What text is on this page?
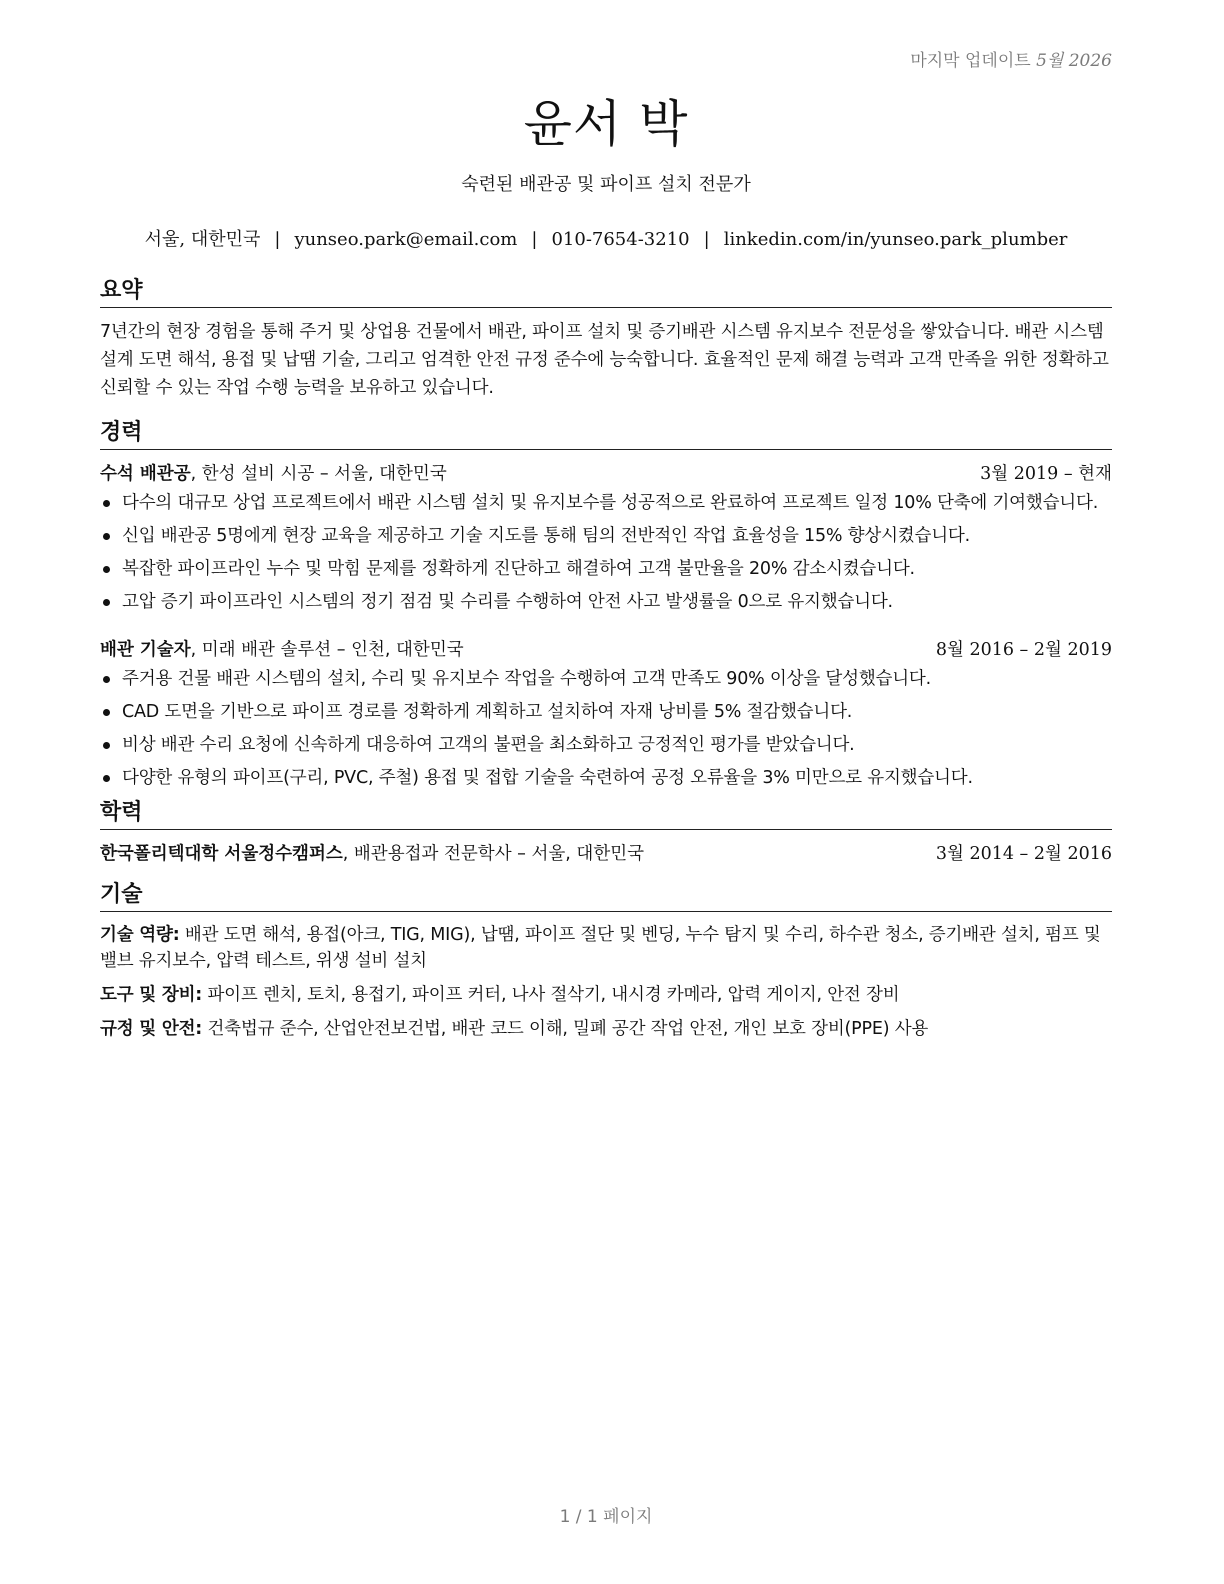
마지막 업데이트 5월 2026
윤서 박
숙련된 배관공 및 파이프 설치 전문가
서울, 대한민국 | yunseo.park@email.com | 010-7654-3210 | linkedin.com/in/yunseo.park_plumber
요약
7년간의 현장 경험을 통해 주거 및 상업용 건물에서 배관, 파이프 설치 및 증기배관 시스템 유지보수 전문성을 쌓았습니다. 배관 시스템 설계 도면 해석, 용접 및 납땜 기술, 그리고 엄격한 안전 규정 준수에 능숙합니다. 효율적인 문제 해결 능력과 고객 만족을 위한 정확하고 신뢰할 수 있는 작업 수행 능력을 보유하고 있습니다.
경력
수석 배관공, 한성 설비 시공 – 서울, 대한민국	3월 2019 – 현재
다수의 대규모 상업 프로젝트에서 배관 시스템 설치 및 유지보수를 성공적으로 완료하여 프로젝트 일정 10% 단축에 기여했습니다.
신입 배관공 5명에게 현장 교육을 제공하고 기술 지도를 통해 팀의 전반적인 작업 효율성을 15% 향상시켰습니다.
복잡한 파이프라인 누수 및 막힘 문제를 정확하게 진단하고 해결하여 고객 불만율을 20% 감소시켰습니다.
고압 증기 파이프라인 시스템의 정기 점검 및 수리를 수행하여 안전 사고 발생률을 0으로 유지했습니다.
배관 기술자, 미래 배관 솔루션 – 인천, 대한민국	8월 2016 – 2월 2019
주거용 건물 배관 시스템의 설치, 수리 및 유지보수 작업을 수행하여 고객 만족도 90% 이상을 달성했습니다.
CAD 도면을 기반으로 파이프 경로를 정확하게 계획하고 설치하여 자재 낭비를 5% 절감했습니다.
비상 배관 수리 요청에 신속하게 대응하여 고객의 불편을 최소화하고 긍정적인 평가를 받았습니다.
다양한 유형의 파이프(구리, PVC, 주철) 용접 및 접합 기술을 숙련하여 공정 오류율을 3% 미만으로 유지했습니다.
학력
한국폴리텍대학 서울정수캠퍼스, 배관용접과 전문학사 – 서울, 대한민국	3월 2014 – 2월 2016
기술
기술 역량: 배관 도면 해석, 용접(아크, TIG, MIG), 납땜, 파이프 절단 및 벤딩, 누수 탐지 및 수리, 하수관 청소, 증기배관 설치, 펌프 및 밸브 유지보수, 압력 테스트, 위생 설비 설치
도구 및 장비: 파이프 렌치, 토치, 용접기, 파이프 커터, 나사 절삭기, 내시경 카메라, 압력 게이지, 안전 장비
규정 및 안전: 건축법규 준수, 산업안전보건법, 배관 코드 이해, 밀폐 공간 작업 안전, 개인 보호 장비(PPE) 사용
1 / 1 페이지
